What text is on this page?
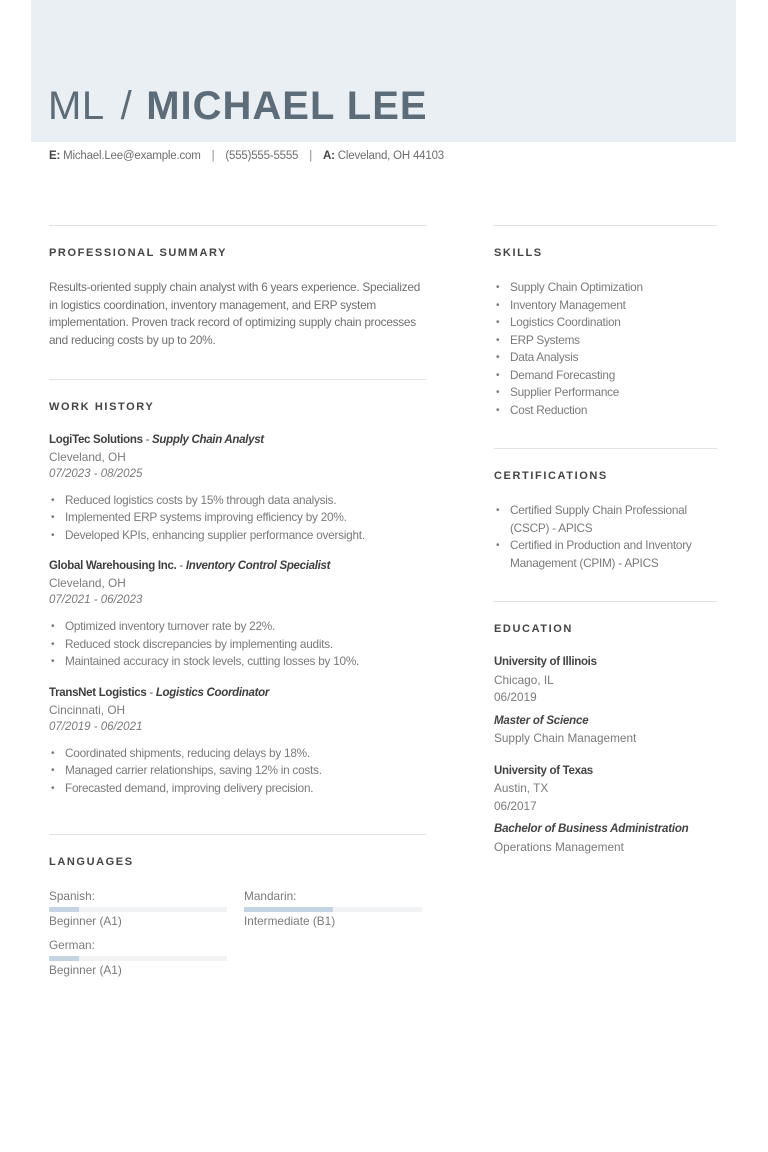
ML / MICHAEL LEE
E: Michael.Lee@example.com | (555)555-5555 | A: Cleveland, OH 44103
PROFESSIONAL SUMMARY

Results-oriented supply chain analyst with 6 years experience. Specialized in logistics coordination, inventory management, and ERP system implementation. Proven track record of optimizing supply chain processes and reducing costs by up to 20%.

WORK HISTORY
LogiTec Solutions - Supply Chain Analyst
Cleveland, OH
07/2023 - 08/2025
• Reduced logistics costs by 15% through data analysis.
• Implemented ERP systems improving efficiency by 20%.
• Developed KPIs, enhancing supplier performance oversight.
Global Warehousing Inc. - Inventory Control Specialist
Cleveland, OH
07/2021 - 06/2023
• Optimized inventory turnover rate by 22%.
• Reduced stock discrepancies by implementing audits.
• Maintained accuracy in stock levels, cutting losses by 10%.
TransNet Logistics - Logistics Coordinator
Cincinnati, OH
07/2019 - 06/2021
• Coordinated shipments, reducing delays by 18%.
• Managed carrier relationships, saving 12% in costs.
• Forecasted demand, improving delivery precision.
LANGUAGES
Spanish:
Beginner (A1)
Mandarin:
Intermediate (B1)
German:
Beginner (A1)
SKILLS
• Supply Chain Optimization
• Inventory Management
• Logistics Coordination
• ERP Systems
• Data Analysis
• Demand Forecasting
• Supplier Performance
• Cost Reduction
CERTIFICATIONS
• Certified Supply Chain Professional (CSCP) - APICS
• Certified in Production and Inventory Management (CPIM) - APICS
EDUCATION
University of Illinois
Chicago, IL
06/2019
Master of Science
Supply Chain Management
University of Texas
Austin, TX
06/2017
Bachelor of Business Administration
Operations Management
